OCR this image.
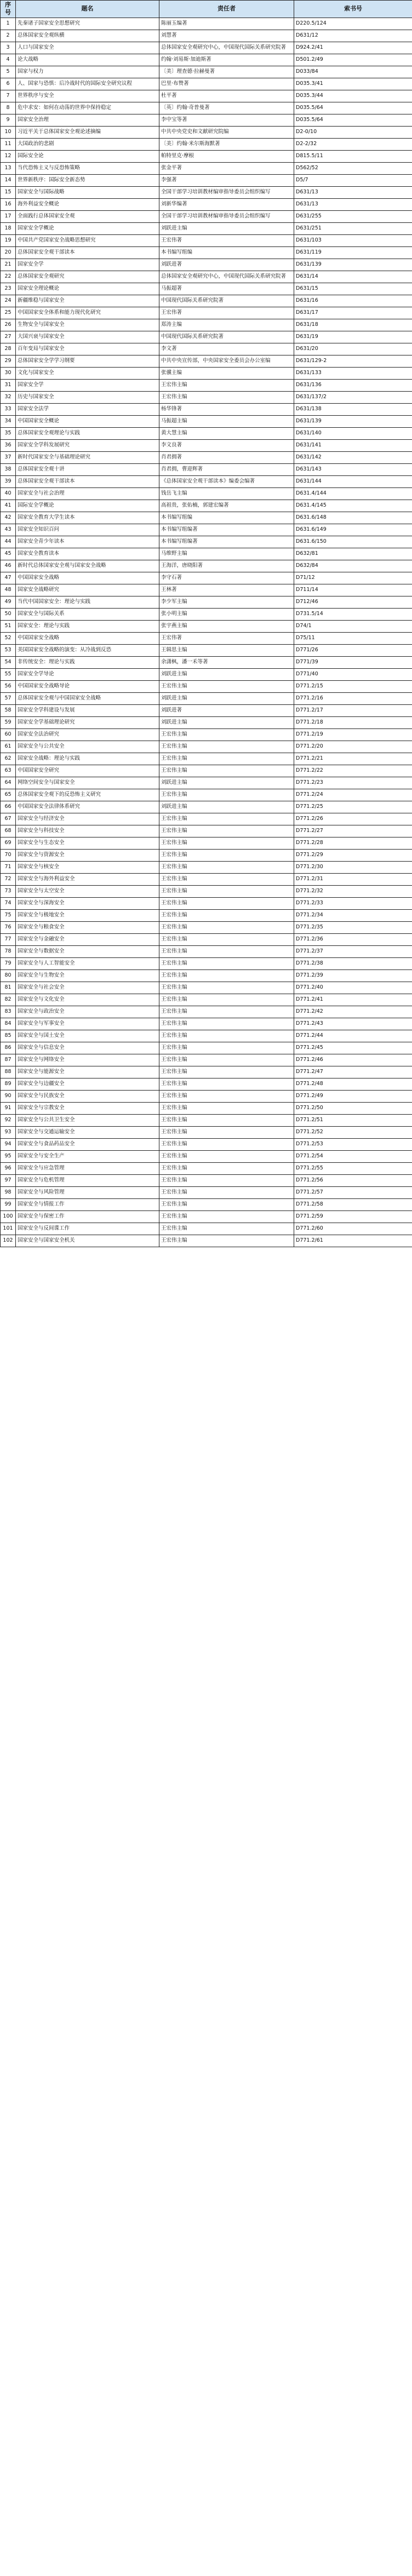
序号	题名	责任者	索书号
1	先秦诸子国家安全思想研究	陈丽玉编著	D220.5/124
2	总体国家安全观纵横	刘慧著	D631/12
3	人口与国家安全	总体国家安全观研究中心，中国现代国际关系研究院著	D924.2/41
4	论大战略	约翰·刘易斯·加迪斯著	D501.2/49
5	国家与权力	〔美〕理查德·拉赫曼著	D033/84
6	人、国家与恐惧：后冷战时代的国际安全研究议程	巴里·布赞著	D035.3/41
7	世界秩序与安全	杜平著	D035.3/44
8	危中求安：如何在动荡的世界中保持稳定	〔英〕约翰·奇普曼著	D035.5/64
9	国家安全治理	李中宝等著	D035.5/64
10	习近平关于总体国家安全观论述摘编	中共中央党史和文献研究院编	D2-0/10
11	大国政治的悲剧	〔美〕约翰·米尔斯海默著	D2-2/32
12	国际安全论	帕特里克·摩根	D815.5/11
13	当代恐怖主义与反恐怖策略	张金平著	D562/52
14	世界新秩序：国际安全新态势	李强著	D5/7
15	国家安全与国际战略	全国干部学习培训教材编审指导委员会组织编写	D631/13
16	海外利益安全概论	刘新华编著	D631/13
17	全面践行总体国家安全观	全国干部学习培训教材编审指导委员会组织编写	D631/255
18	国家安全学概论	刘跃进主编	D631/251
19	中国共产党国家安全战略思想研究	王宏伟著	D631/103
20	总体国家安全观干部读本	本书编写组编	D631/119
21	国家安全学	刘跃进著	D631/139
22	总体国家安全观研究	总体国家安全观研究中心，中国现代国际关系研究院著	D631/14
23	国家安全理论概论	马振超著	D631/15
24	新疆维稳与国家安全	中国现代国际关系研究院著	D631/16
25	中国国家安全体系和能力现代化研究	王宏伟著	D631/17
26	生物安全与国家安全	郑涛主编	D631/18
27	大国兴衰与国家安全	中国现代国际关系研究院著	D631/19
28	百年变局与国家安全	李文著	D631/20
29	总体国家安全学学习纲要	中共中央宣传部，中央国家安全委员会办公室编	D631/129-2
30	文化与国家安全	张骥主编	D631/133
31	国家安全学	王宏伟主编	D631/136
32	历史与国家安全	王宏伟主编	D631/137/2
33	国家安全法学	杨华锋著	D631/138
34	中国国家安全概论	马振超主编	D631/139
35	总体国家安全观理论与实践	黄大慧主编	D631/140
36	国家安全学科发展研究	李文良著	D631/141
37	新时代国家安全与基础理论研究	肖君拥著	D631/142
38	总体国家安全观十讲	肖君拥，曹迎辉著	D631/143
39	总体国家安全观干部读本	《总体国家安全观干部读本》编委会编著	D631/144
40	国家安全与社会治理	钱岳飞主编	D631.4/144
41	国际安全学概论	高祖贵，张佑楠，郭建宏编著	D631.4/145
42	国家安全教育大学生读本	本书编写组编	D631.6/148
43	国家安全知识百问	本书编写组编著	D631.6/149
44	国家安全青少年读本	本书编写组编著	D631.6/150
45	国家安全教育读本	马维野主编	D632/81
46	新时代总体国家安全观与国家安全战略	王海洋，唐晓阳著	D632/84
47	中国国家安全战略	李守石著	D71/12
48	国家安全战略研究	王林著	D711/14
49	当代中国国家安全：理论与实践	李少军主编	D712/46
50	国家安全与国际关系	张小明主编	D731.5/14
51	国家安全：理论与实践	张宇燕主编	D74/1
52	中国国家安全战略	王宏伟著	D75/11
53	美国国家安全战略的演变：从冷战到反恐	王辑思主编	D771/26
54	非传统安全：理论与实践	余潇枫，潘一禾等著	D771/39
55	国家安全学导论	刘跃进主编	D771/40
56	中国国家安全战略导论	王宏伟主编	D771.2/15
57	总体国家安全观与中国国家安全战略	刘跃进主编	D771.2/16
58	国家安全学科建设与发展	刘跃进著	D771.2/17
59	国家安全学基础理论研究	刘跃进主编	D771.2/18
60	国家安全法治研究	王宏伟主编	D771.2/19
61	国家安全与公共安全	王宏伟主编	D771.2/20
62	国家安全战略：理论与实践	王宏伟主编	D771.2/21
63	中国国家安全研究	王宏伟主编	D771.2/22
64	网络空间安全与国家安全	刘跃进主编	D771.2/23
65	总体国家安全观下的反恐怖主义研究	王宏伟主编	D771.2/24
66	中国国家安全法律体系研究	刘跃进主编	D771.2/25
67	国家安全与经济安全	王宏伟主编	D771.2/26
68	国家安全与科技安全	王宏伟主编	D771.2/27
69	国家安全与生态安全	王宏伟主编	D771.2/28
70	国家安全与资源安全	王宏伟主编	D771.2/29
71	国家安全与核安全	王宏伟主编	D771.2/30
72	国家安全与海外利益安全	王宏伟主编	D771.2/31
73	国家安全与太空安全	王宏伟主编	D771.2/32
74	国家安全与深海安全	王宏伟主编	D771.2/33
75	国家安全与极地安全	王宏伟主编	D771.2/34
76	国家安全与粮食安全	王宏伟主编	D771.2/35
77	国家安全与金融安全	王宏伟主编	D771.2/36
78	国家安全与数据安全	王宏伟主编	D771.2/37
79	国家安全与人工智能安全	王宏伟主编	D771.2/38
80	国家安全与生物安全	王宏伟主编	D771.2/39
81	国家安全与社会安全	王宏伟主编	D771.2/40
82	国家安全与文化安全	王宏伟主编	D771.2/41
83	国家安全与政治安全	王宏伟主编	D771.2/42
84	国家安全与军事安全	王宏伟主编	D771.2/43
85	国家安全与国土安全	王宏伟主编	D771.2/44
86	国家安全与信息安全	王宏伟主编	D771.2/45
87	国家安全与网络安全	王宏伟主编	D771.2/46
88	国家安全与能源安全	王宏伟主编	D771.2/47
89	国家安全与边疆安全	王宏伟主编	D771.2/48
90	国家安全与民族安全	王宏伟主编	D771.2/49
91	国家安全与宗教安全	王宏伟主编	D771.2/50
92	国家安全与公共卫生安全	王宏伟主编	D771.2/51
93	国家安全与交通运输安全	王宏伟主编	D771.2/52
94	国家安全与食品药品安全	王宏伟主编	D771.2/53
95	国家安全与安全生产	王宏伟主编	D771.2/54
96	国家安全与应急管理	王宏伟主编	D771.2/55
97	国家安全与危机管理	王宏伟主编	D771.2/56
98	国家安全与风险管理	王宏伟主编	D771.2/57
99	国家安全与情报工作	王宏伟主编	D771.2/58
100	国家安全与保密工作	王宏伟主编	D771.2/59
101	国家安全与反间谍工作	王宏伟主编	D771.2/60
102	国家安全与国家安全机关	王宏伟主编	D771.2/61
